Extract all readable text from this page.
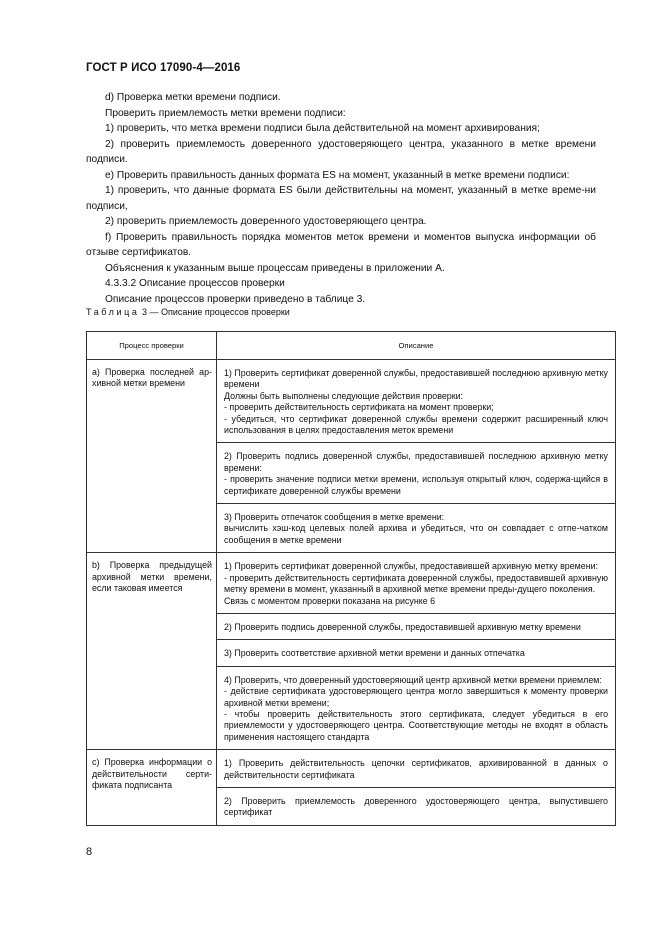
ГОСТ Р ИСО 17090-4—2016

d) Проверка метки времени подписи.

Проверить приемлемость метки времени подписи:

1) проверить, что метка времени подписи была действительной на момент архивирования;

2) проверить приемлемость доверенного удостоверяющего центра, указанного в метке времени подписи.

e) Проверить правильность данных формата ES на момент, указанный в метке времени подписи:

1) проверить, что данные формата ES были действительны на момент, указанный в метке време-ни подписи,

2) проверить приемлемость доверенного удостоверяющего центра.

f) Проверить правильность порядка моментов меток времени и моментов выпуска информации об отзыве сертификатов.

Объяснения к указанным выше процессам приведены в приложении А.

4.3.3.2 Описание процессов проверки

Описание процессов проверки приведено в таблице 3.

Таблица 3 — Описание процессов проверки
Процесс проверки	Описание
a) Проверка последней ар-хивной метки времени	1) Проверить сертификат доверенной службы, предоставившей последнюю архивную метку времени
Должны быть выполнены следующие действия проверки:
- проверить действительность сертификата на момент проверки;
- убедиться, что сертификат доверенной службы времени содержит расширенный ключ использования в целях предоставления меток времени

	2) Проверить подпись доверенной службы, предоставившей последнюю архивную метку времени:
- проверить значение подписи метки времени, используя открытый ключ, содержа-щийся в сертификате доверенной службы времени

	3) Проверить отпечаток сообщения в метке времени:
вычислить хэш-код целевых полей архива и убедиться, что он совпадает с отпе-чатком сообщения в метке времени

b) Проверка предыдущей архивной метки времени, если таковая имеется	1) Проверить сертификат доверенной службы, предоставившей архивную метку времени:
- проверить действительность сертификата доверенной службы, предоставившей архивную метку времени в момент, указанный в архивной метке времени преды-дущего поколения.
Связь с моментом проверки показана на рисунке 6

	2) Проверить подпись доверенной службы, предоставившей архивную метку времени

	3) Проверить соответствие архивной метки времени и данных отпечатка

	4) Проверить, что доверенный удостоверяющий центр архивной метки времени приемлем:
- действие сертификата удостоверяющего центра могло завершиться к моменту проверки архивной метки времени;
- чтобы проверить действительность этого сертификата, следует убедиться в его приемлемости у удостоверяющего центра. Соответствующие методы не входят в область применения настоящего стандарта

c) Проверка информации о действительности серти-фиката подписанта	1) Проверить действительность цепочки сертификатов, архивированной в данных о действительности сертификата

	2) Проверить приемлемость доверенного удостоверяющего центра, выпустившего сертификат
8
